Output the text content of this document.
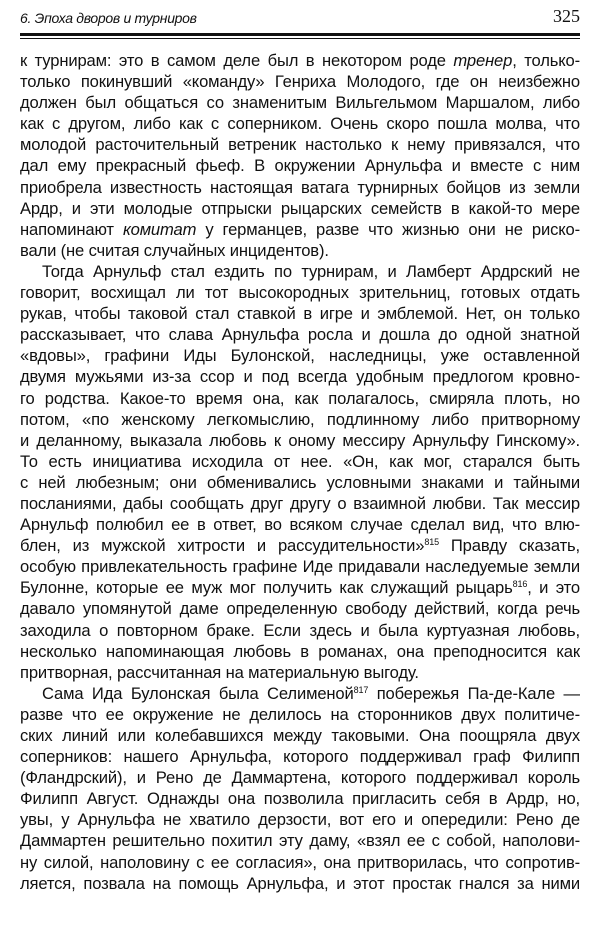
6. Эпоха дворов и турниров	325
к турнирам: это в самом деле был в некотором роде тренер, только-
только покинувший «команду» Генриха Молодого, где он неизбежно
должен был общаться со знаменитым Вильгельмом Маршалом, либо
как с другом, либо как с соперником. Очень скоро пошла молва, что
молодой расточительный ветреник настолько к нему привязался, что
дал ему прекрасный фьеф. В окружении Арнульфа и вместе с ним
приобрела известность настоящая ватага турнирных бойцов из земли
Ардр, и эти молодые отпрыски рыцарских семейств в какой-то мере
напоминают комитат у германцев, разве что жизнью они не риско-
вали (не считая случайных инцидентов).
Тогда Арнульф стал ездить по турнирам, и Ламберт Ардрский не
говорит, восхищал ли тот высокородных зрительниц, готовых отдать
рукав, чтобы таковой стал ставкой в игре и эмблемой. Нет, он только
рассказывает, что слава Арнульфа росла и дошла до одной знатной
«вдовы», графини Иды Булонской, наследницы, уже оставленной
двумя мужьями из-за ссор и под всегда удобным предлогом кровно-
го родства. Какое-то время она, как полагалось, смиряла плоть, но
потом, «по женскому легкомыслию, подлинному либо притворному
и деланному, выказала любовь к оному мессиру Арнульфу Гинскому».
То есть инициатива исходила от нее. «Он, как мог, старался быть
с ней любезным; они обменивались условными знаками и тайными
посланиями, дабы сообщать друг другу о взаимной любви. Так мессир
Арнульф полюбил ее в ответ, во всяком случае сделал вид, что влю-
блен, из мужской хитрости и рассудительности»$^{815}$ Правду сказать,
особую привлекательность графине Иде придавали наследуемые земли
Булонне, которые ее муж мог получить как служащий рыцарь$^{816}$, и это
давало упомянутой даме определенную свободу действий, когда речь
заходила о повторном браке. Если здесь и была куртуазная любовь,
несколько напоминающая любовь в романах, она преподносится как
притворная, рассчитанная на материальную выгоду.
Сама Ида Булонская была Селименой$^{817}$ побережья Па-де-Кале —
разве что ее окружение не делилось на сторонников двух политиче-
ских линий или колебавшихся между таковыми. Она поощряла двух
соперников: нашего Арнульфа, которого поддерживал граф Филипп
(Фландрский), и Рено де Даммартена, которого поддерживал король
Филипп Август. Однажды она позволила пригласить себя в Ардр, но,
увы, у Арнульфа не хватило дерзости, вот его и опередили: Рено де
Даммартен решительно похитил эту даму, «взял ее с собой, наполови-
ну силой, наполовину с ее согласия», она притворилась, что сопротив-
ляется, позвала на помощь Арнульфа, и этот простак гнался за ними
